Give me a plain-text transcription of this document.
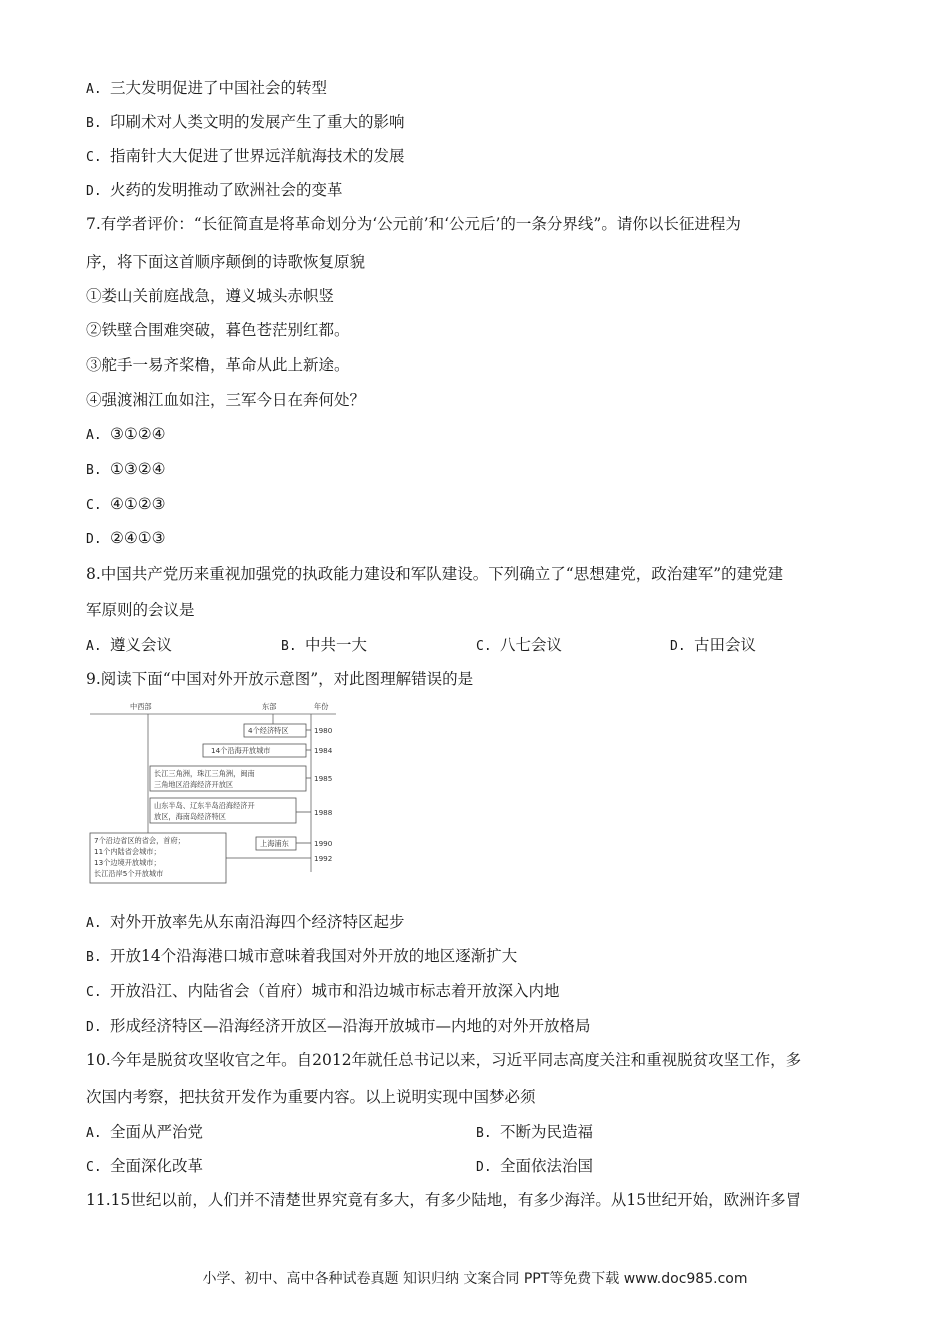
A. 三大发明促进了中国社会的转型
B. 印刷术对人类文明的发展产生了重大的影响
C. 指南针大大促进了世界远洋航海技术的发展
D. 火药的发明推动了欧洲社会的变革
7.有学者评价：“长征简直是将革命划分为‘公元前’和‘公元后’的一条分界线”。请你以长征进程为
序，将下面这首顺序颠倒的诗歌恢复原貌
①娄山关前庭战急，遵义城头赤帜竖
②铁壁合围难突破，暮色苍茫别红都。
③舵手一易齐桨橹，革命从此上新途。
④强渡湘江血如注，三军今日在奔何处？
A. ③①②④
B. ①③②④
C. ④①②③
D. ②④①③
8.中国共产党历来重视加强党的执政能力建设和军队建设。下列确立了“思想建党，政治建军”的建党建
军原则的会议是
A. 遵义会议	B. 中共一大	C. 八七会议	D. 古田会议
9.阅读下面“中国对外开放示意图”，对此图理解错误的是
中西部	东部	年份
4个经济特区	1980
14个沿海开放城市	1984
长江三角洲，珠江三角洲，闽南
三角地区沿海经济开放区
1985
山东半岛、辽东半岛沿海经济开
放区，海南岛经济特区	1988
7个沿边省区的省会，首府；
11个内陆省会城市；
13个边境开放城市；
长江沿岸5个开放城市
上海浦东	1990
1992
A. 对外开放率先从东南沿海四个经济特区起步
B. 开放14个沿海港口城市意味着我国对外开放的地区逐渐扩大
C. 开放沿江、内陆省会（首府）城市和沿边城市标志着开放深入内地
D. 形成经济特区—沿海经济开放区—沿海开放城市—内地的对外开放格局
10.今年是脱贫攻坚收官之年。自2012年就任总书记以来，习近平同志高度关注和重视脱贫攻坚工作，多
次国内考察，把扶贫开发作为重要内容。以上说明实现中国梦必须
A. 全面从严治党	B. 不断为民造福
C. 全面深化改革	D. 全面依法治国
11.15世纪以前，人们并不清楚世界究竟有多大，有多少陆地，有多少海洋。从15世纪开始，欧洲许多冒
小学、初中、高中各种试卷真题 知识归纳 文案合同 PPT等免费下载 www.doc985.com
